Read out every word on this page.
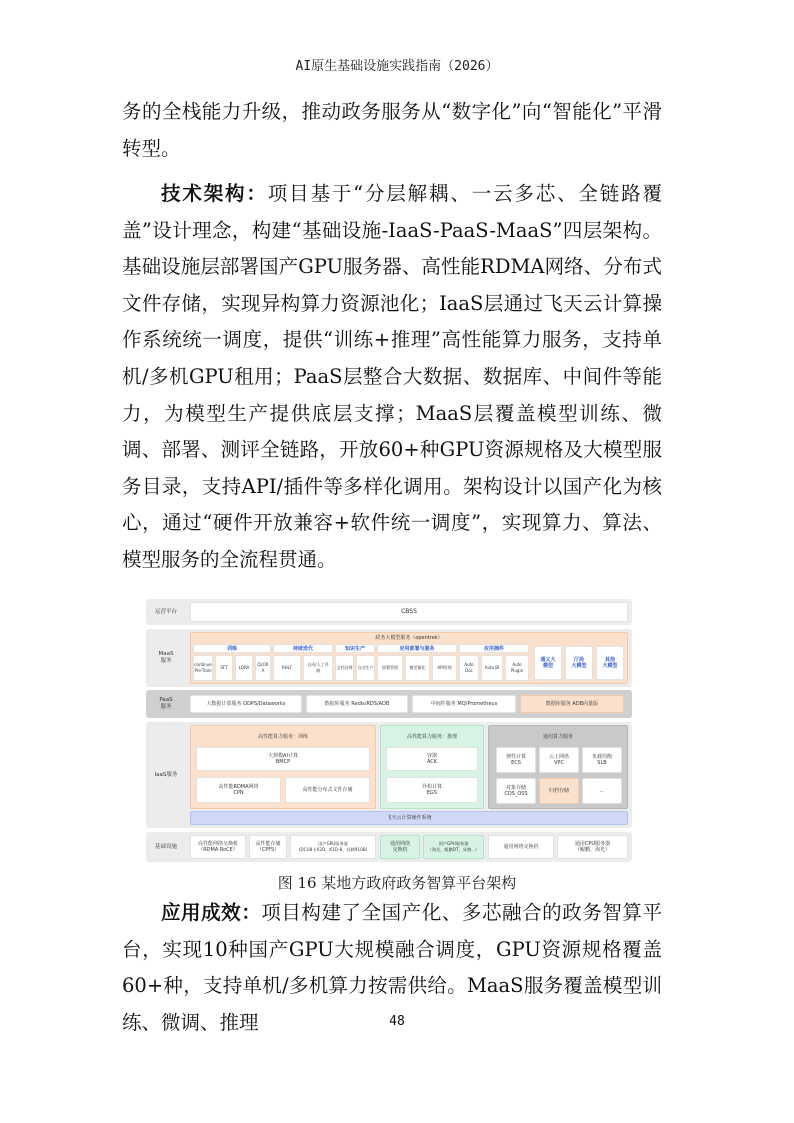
AI原生基础设施实践指南（2026）
务的全栈能力升级，推动政务服务从“数字化”向“智能化”平滑转型。
技术架构：项目基于“分层解耦、一云多芯、全链路覆盖”设计理念，构建“基础设施-IaaS-PaaS-MaaS”四层架构。基础设施层部署国产GPU服务器、高性能RDMA网络、分布式文件存储，实现异构算力资源池化；IaaS层通过飞天云计算操作系统统一调度，提供“训练+推理”高性能算力服务，支持单机/多机GPU租用；PaaS层整合大数据、数据库、中间件等能力，为模型生产提供底层支撑；MaaS层覆盖模型训练、微调、部署、测评全链路，开放60+种GPU资源规格及大模型服务目录，支持API/插件等多样化调用。架构设计以国产化为核心，通过“硬件开放兼容+软件统一调度”，实现算力、算法、模型服务的全流程贯通。
运营平台	CBSS
MaaS
服务
政务大模型服务（opentrek）
训练	持续迭代	知识生产	应用部署与服务	应用插件
continue
Pre-Train
SFT	LORA
QLOR
A
RHLF
自动/人工评
测
文档处理	自动生产	部署管理	模型量化	API管理
Auto
Doc
Auto BI
Auto
Plugin
通义大
模型
厅局
大模型
其他
大模型
PaaS
服务	大数据计算服务 ODPS/Dataworks	数据库服务 Redis/RDS/ADB	中间件服务 MQ/Prometheus	数据库服务 ADB向量版
IaaS服务
高性能算力服务：训练
大规模AI计算
BMCP
高性能RDMA网络
CPN	高性能分布式文件存储
高性能算力服务：推理
容器
ACK
异构计算
EGS
通用算力服务
弹性计算
ECS
云上网络
VPC
负载均衡
SLB
对象存储
CDS_OSS	归档存储	...
飞天云计算操作系统
基础设施	高性能网络交换机
（RDMA RoCE）
高性能存储
（CPFS）
国产GPU服务器
(DCU8卡X2D，K1D-8，昇腾910B)
通用网络
交换机
国产GPU服务器
（海光，鲲鹏DT，昇腾...）	通用网络交换机	通用CPU服务器
（鲲鹏，海光）
图 16 某地方政府政务智算平台架构
应用成效：项目构建了全国产化、多芯融合的政务智算平台，实现10种国产GPU大规模融合调度，GPU资源规格覆盖60+种，支持单机/多机算力按需供给。MaaS服务覆盖模型训练、微调、推理	48
